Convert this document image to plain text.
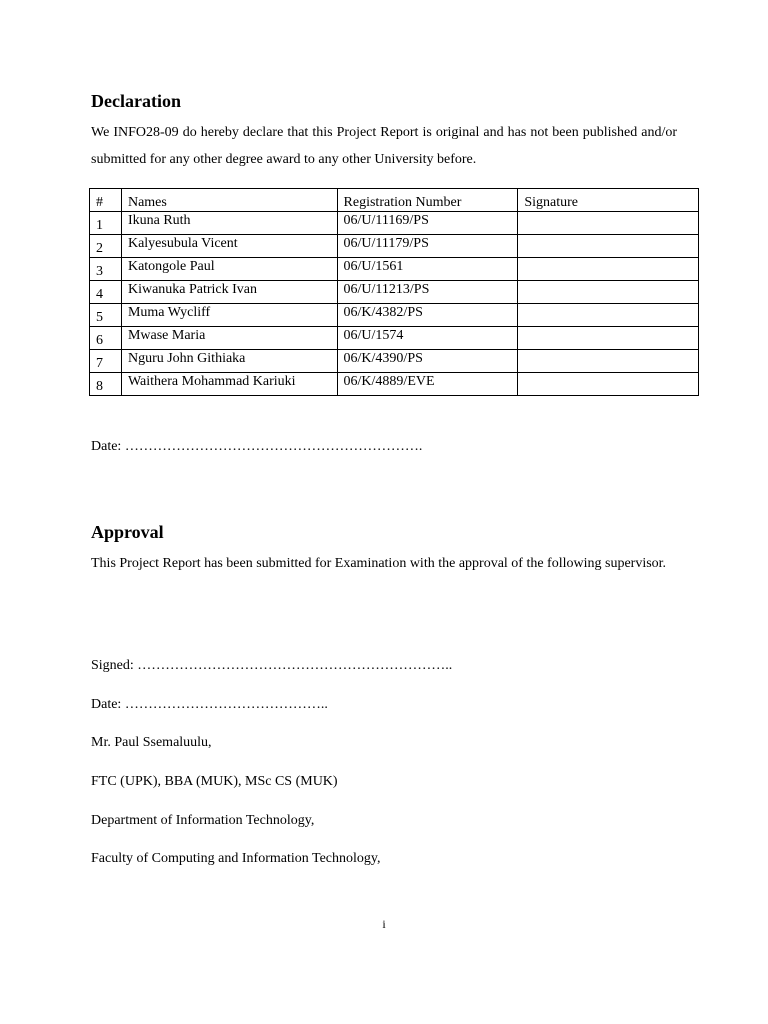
Declaration

We INFO28-09 do hereby declare that this Project Report is original and has not been published and/or submitted for any other degree award to any other University before.

#	Names	Registration Number	Signature
1	Ikuna Ruth	06/U/11169/PS	
2	Kalyesubula Vicent	06/U/11179/PS	
3	Katongole Paul	06/U/1561	
4	Kiwanuka Patrick Ivan	06/U/11213/PS	
5	Muma Wycliff	06/K/4382/PS	
6	Mwase Maria	06/U/1574	
7	Nguru John Githiaka	06/K/4390/PS	
8	Waithera Mohammad Kariuki	06/K/4889/EVE	

Date: ……………………………………………………….

Approval

This Project Report has been submitted for Examination with the approval of the following supervisor.

Signed: …………………………………………………………..

Date: ……………………………………..

Mr. Paul Ssemaluulu,

FTC (UPK), BBA (MUK), MSc CS (MUK)

Department of Information Technology,

Faculty of Computing and Information Technology,

i
